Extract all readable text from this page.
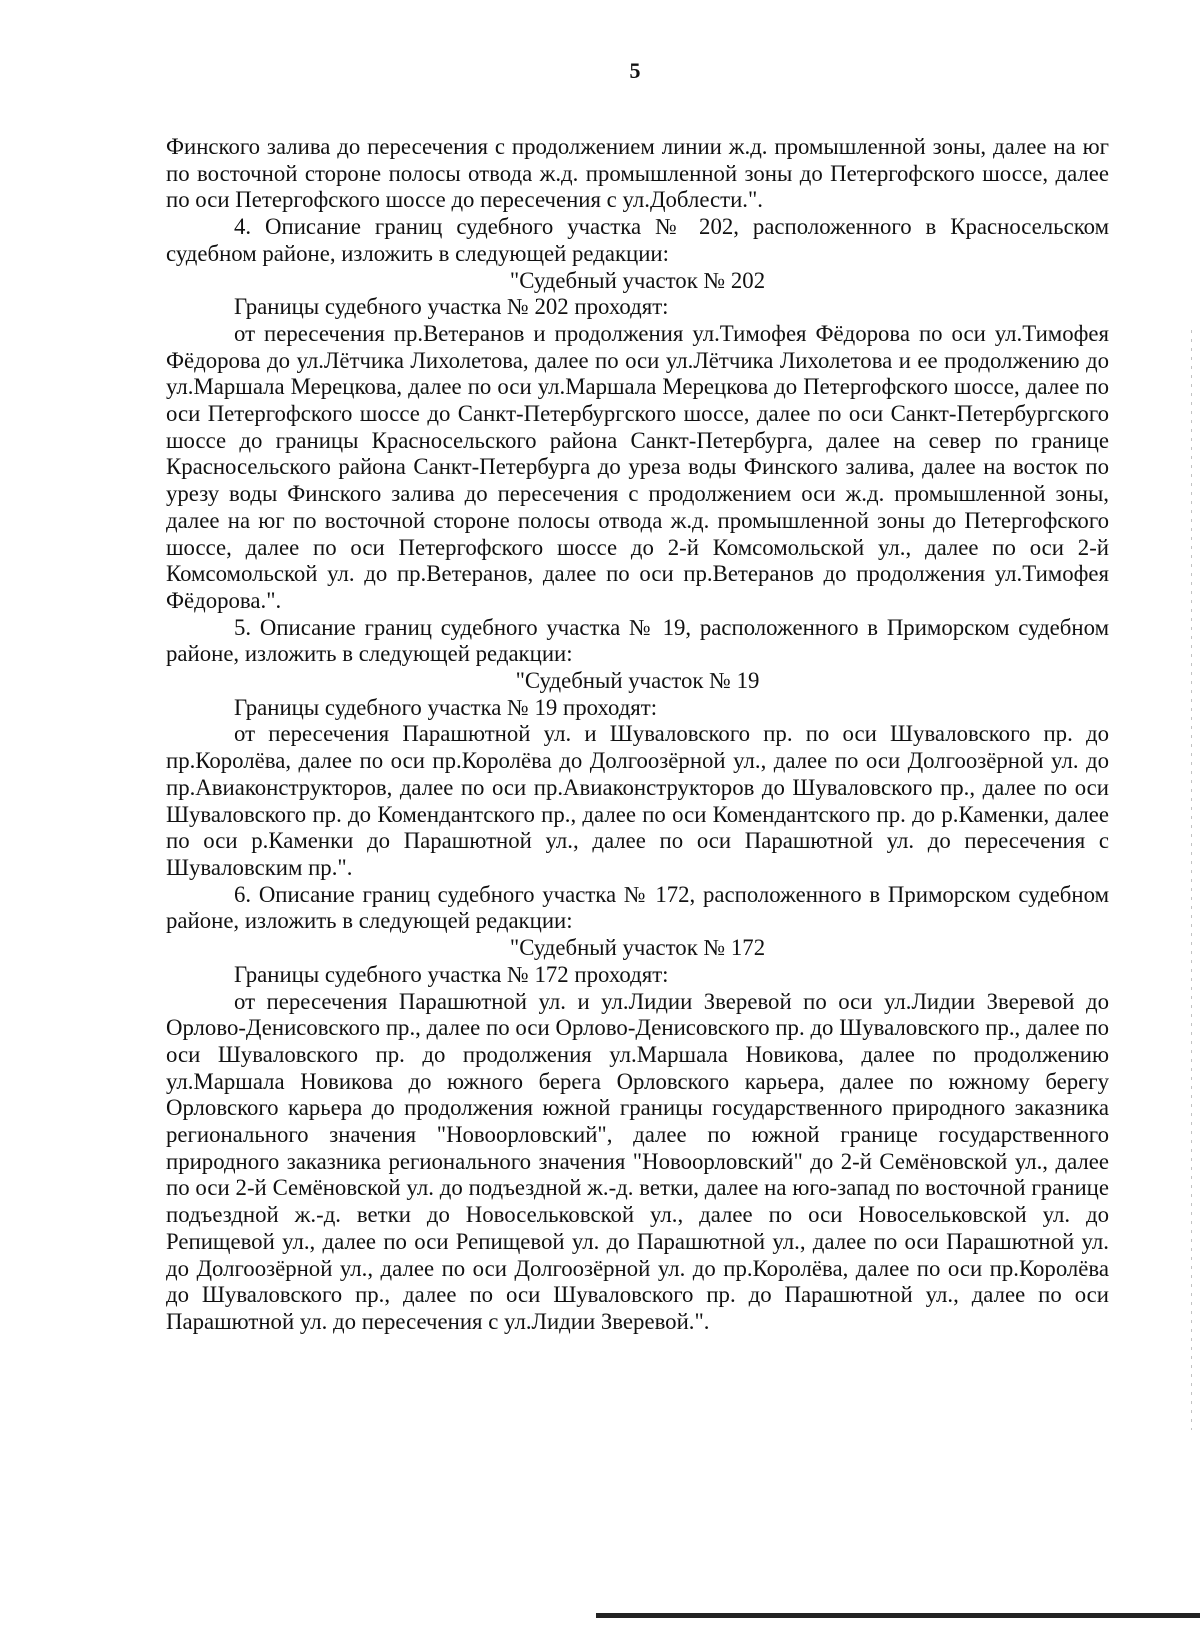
5

Финского залива до пересечения с продолжением линии ж.д. промышленной зоны, далее на юг по восточной стороне полосы отвода ж.д. промышленной зоны до Петергофского шоссе, далее по оси Петергофского шоссе до пересечения с ул.Доблести.".

4. Описание границ судебного участка № 202, расположенного в Красносельском судебном районе, изложить в следующей редакции:

"Судебный участок № 202

Границы судебного участка № 202 проходят:

от пересечения пр.Ветеранов и продолжения ул.Тимофея Фёдорова по оси ул.Тимофея Фёдорова до ул.Лётчика Лихолетова, далее по оси ул.Лётчика Лихолетова и ее продолжению до ул.Маршала Мерецкова, далее по оси ул.Маршала Мерецкова до Петергофского шоссе, далее по оси Петергофского шоссе до Санкт-Петербургского шоссе, далее по оси Санкт-Петербургского шоссе до границы Красносельского района Санкт-Петербурга, далее на север по границе Красносельского района Санкт-Петербурга до уреза воды Финского залива, далее на восток по урезу воды Финского залива до пересечения с продолжением оси ж.д. промышленной зоны, далее на юг по восточной стороне полосы отвода ж.д. промышленной зоны до Петергофского шоссе, далее по оси Петергофского шоссе до 2-й Комсомольской ул., далее по оси 2-й Комсомольской ул. до пр.Ветеранов, далее по оси пр.Ветеранов до продолжения ул.Тимофея Фёдорова.".

5. Описание границ судебного участка № 19, расположенного в Приморском судебном районе, изложить в следующей редакции:

"Судебный участок № 19

Границы судебного участка № 19 проходят:

от пересечения Парашютной ул. и Шуваловского пр. по оси Шуваловского пр. до пр.Королёва, далее по оси пр.Королёва до Долгоозёрной ул., далее по оси Долгоозёрной ул. до пр.Авиаконструкторов, далее по оси пр.Авиаконструкторов до Шуваловского пр., далее по оси Шуваловского пр. до Комендантского пр., далее по оси Комендантского пр. до р.Каменки, далее по оси р.Каменки до Парашютной ул., далее по оси Парашютной ул. до пересечения с Шуваловским пр.".

6. Описание границ судебного участка № 172, расположенного в Приморском судебном районе, изложить в следующей редакции:

"Судебный участок № 172

Границы судебного участка № 172 проходят:

от пересечения Парашютной ул. и ул.Лидии Зверевой по оси ул.Лидии Зверевой до Орлово-Денисовского пр., далее по оси Орлово-Денисовского пр. до Шуваловского пр., далее по оси Шуваловского пр. до продолжения ул.Маршала Новикова, далее по продолжению ул.Маршала Новикова до южного берега Орловского карьера, далее по южному берегу Орловского карьера до продолжения южной границы государственного природного заказника регионального значения "Новоорловский", далее по южной границе государственного природного заказника регионального значения "Новоорловский" до 2-й Семёновской ул., далее по оси 2-й Семёновской ул. до подъездной ж.-д. ветки, далее на юго-запад по восточной границе подъездной ж.-д. ветки до Новосельковской ул., далее по оси Новосельковской ул. до Репищевой ул., далее по оси Репищевой ул. до Парашютной ул., далее по оси Парашютной ул. до Долгоозёрной ул., далее по оси Долгоозёрной ул. до пр.Королёва, далее по оси пр.Королёва до Шуваловского пр., далее по оси Шуваловского пр. до Парашютной ул., далее по оси Парашютной ул. до пересечения с ул.Лидии Зверевой.".
